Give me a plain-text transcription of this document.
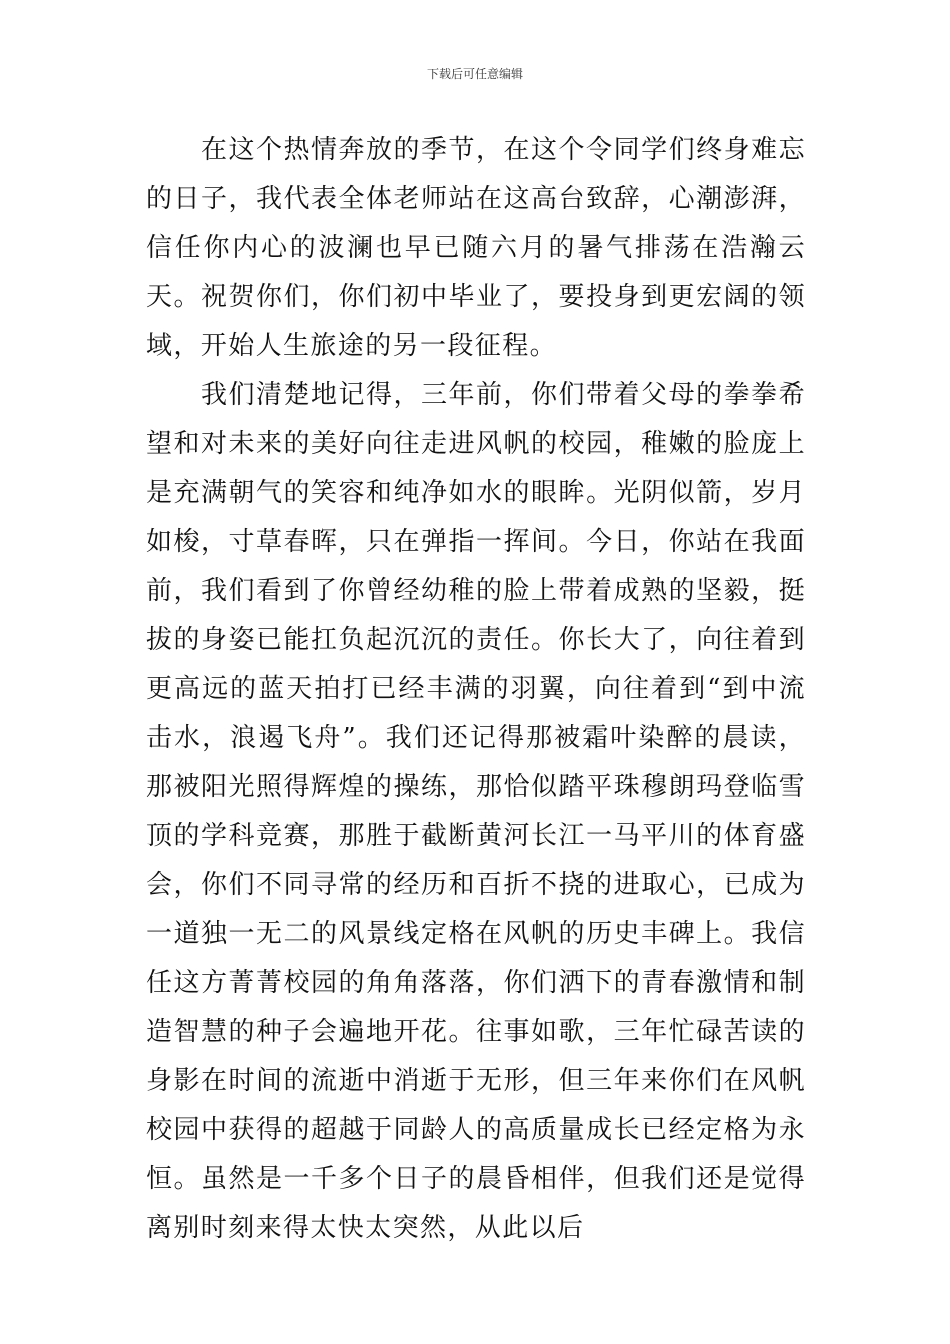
下载后可任意编辑

在这个热情奔放的季节，在这个令同学们终身难忘的日子，我代表全体老师站在这高台致辞，心潮澎湃，信任你内心的波澜也早已随六月的暑气排荡在浩瀚云天。祝贺你们，你们初中毕业了，要投身到更宏阔的领域，开始人生旅途的另一段征程。

我们清楚地记得，三年前，你们带着父母的拳拳希望和对未来的美好向往走进风帆的校园，稚嫩的脸庞上是充满朝气的笑容和纯净如水的眼眸。光阴似箭，岁月如梭，寸草春晖，只在弹指一挥间。今日，你站在我面前，我们看到了你曾经幼稚的脸上带着成熟的坚毅，挺拔的身姿已能扛负起沉沉的责任。你长大了，向往着到更高远的蓝天拍打已经丰满的羽翼，向往着到“到中流击水，浪遏飞舟”。我们还记得那被霜叶染醉的晨读，那被阳光照得辉煌的操练，那恰似踏平珠穆朗玛登临雪顶的学科竞赛，那胜于截断黄河长江一马平川的体育盛会，你们不同寻常的经历和百折不挠的进取心，已成为一道独一无二的风景线定格在风帆的历史丰碑上。我信任这方菁菁校园的角角落落，你们洒下的青春激情和制造智慧的种子会遍地开花。往事如歌，三年忙碌苦读的身影在时间的流逝中消逝于无形，但三年来你们在风帆校园中获得的超越于同龄人的高质量成长已经定格为永恒。虽然是一千多个日子的晨昏相伴，但我们还是觉得离别时刻来得太快太突然，从此以后
